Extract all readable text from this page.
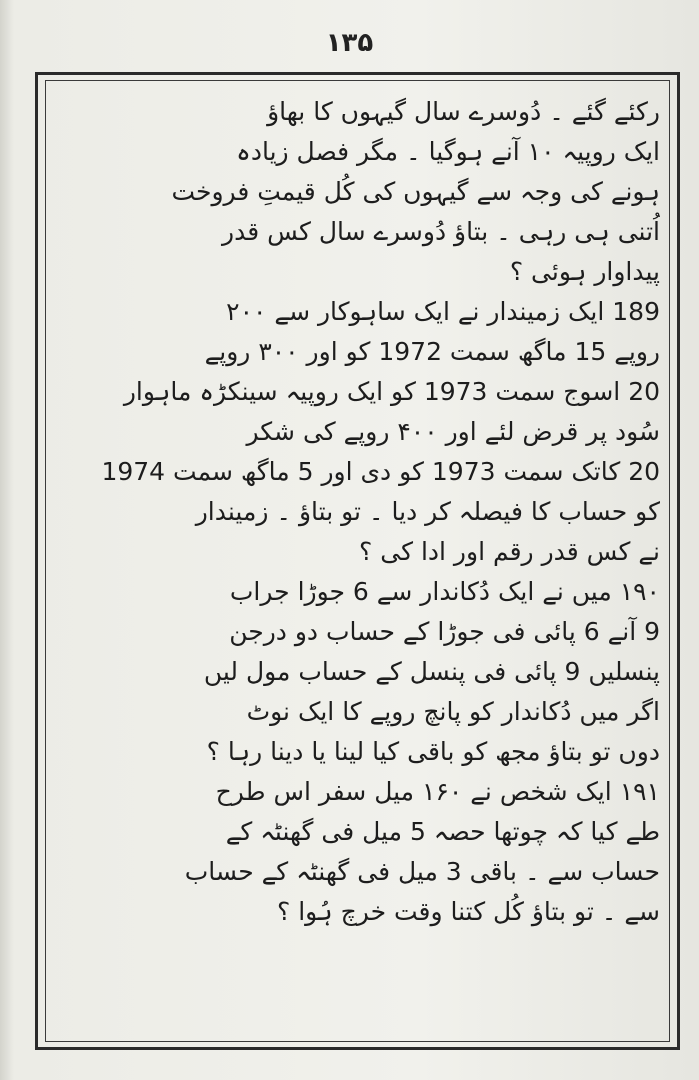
۱۳۵
رکئے گئے ۔ دُوسرے سال گیہوں کا بھاؤ
ایک روپیہ ۱۰ آنے ہوگیا ۔ مگر فصل زیادہ
ہونے کی وجہ سے گیہوں کی کُل قیمتِ فروخت
اُتنی ہی رہی ۔ بتاؤ دُوسرے سال کس قدر
پیداوار ہوئی ؟
189 ایک زمیندار نے ایک ساہوکار سے ۲۰۰
روپے 15 ماگھ سمت 1972 کو اور ۳۰۰ روپے
20 اسوج سمت 1973 کو ایک روپیہ سینکڑہ ماہوار
سُود پر قرض لئے اور ۴۰۰ روپے کی شکر
20 کاتک سمت 1973 کو دی اور 5 ماگھ سمت 1974
کو حساب کا فیصلہ کر دیا ۔ تو بتاؤ ۔ زمیندار
نے کس قدر رقم اور ادا کی ؟
۱۹۰ میں نے ایک دُکاندار سے 6 جوڑا جراب
9 آنے 6 پائی فی جوڑا کے حساب دو درجن
پنسلیں 9 پائی فی پنسل کے حساب مول لیں
اگر میں دُکاندار کو پانچ روپے کا ایک نوٹ
دوں تو بتاؤ مجھ کو باقی کیا لینا یا دینا رہا ؟
۱۹۱ ایک شخص نے ۱۶۰ میل سفر اس طرح
طے کیا کہ چوتھا حصہ 5 میل فی گھنٹہ کے
حساب سے ۔ باقی 3 میل فی گھنٹہ کے حساب
سے ۔ تو بتاؤ کُل کتنا وقت خرچ ہُوا ؟
